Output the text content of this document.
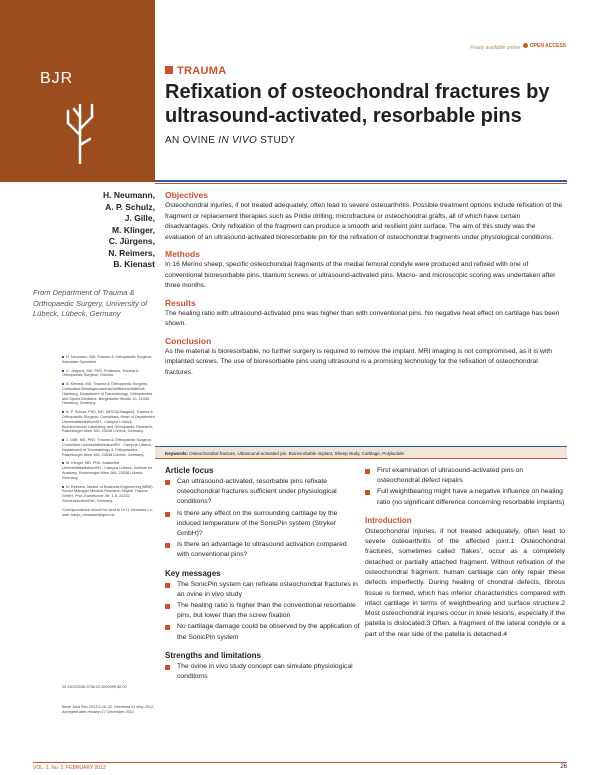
Freely available online	OPEN ACCESS
BJR	TRAUMA
Refixation of osteochondral fractures by ultrasound-activated, resorbable pins
AN OVINE IN VIVO STUDY
H. Neumann,
A. P. Schulz,
J. Gille,
M. Klinger,
C. Jürgens,
N. Reimers,
B. Kienast
From Department of Trauma & Orthopaedic Surgery, University of Lübeck, Lübeck, Germany
H. Neumann, MD, Trauma & Orthopaedic Surgeon, Associate Specialist
C. Jürgens, MD, PhD, Professor, Trauma & Orthopaedic Surgeon, Director
B. Kienast, MD, Trauma & Orthopaedic Surgeon, Consultant BerufsgenossenschaftlicheUnfallklinik Hamburg, Department of Traumatology, Orthopaedics and Sports Medicine, Bergedorfer Straße 10, 21033 Hamburg, Germany.
A. P. Schulz, PhD, MD, MRCS(Glasgow), Trauma & Orthopaedic Surgeon, Consultant, Head of Department UniversitätsklinikumSH - Campus Lübeck, Biomechanical Laboratory and Orthopaedic Research, Ratzeburger Allee 160, 23538 Lübeck, Germany.
J. Gille, MD, PhD, Trauma & Orthopaedic Surgeon, Consultant UniversitätsklinikumSH - Campus Lübeck, Department of Traumatology & Orthopaedics, Ratzeburger Allee 160, 23538 Lübeck, Germany.
M. Klinger, MD, PhD, Anatomist UniversitätsklinikumSH - Campus Lübeck, Institute for Anatomy, Ratzeburger Allee 160, 23538 Lübeck, Germany.
N. Reimers, Master of Business Engineering (MBE), Senior Manager Medical Research Stryker Trauma GmbH, Prof.-Kuentscher-Str. 1-5, 24232 Schoenkirchen/Kiel, Germany.
Correspondence should be sent to Dr H. Neumann; e-mail: hanjo_neumann@gmx.de
10.1302/2046-3758.22.2000099 $2.00
Bone Joint Res 2013;2:26–32. Received 31 May 2012; Accepted after revision 17 December 2012
Objectives
Osteochondral injuries, if not treated adequately, often lead to severe osteoarthritis. Possible treatment options include refixation of the fragment or replacement therapies such as Pridie drilling, microfracture or osteochondral grafts, all of which have certain disadvantages. Only refixation of the fragment can produce a smooth and resilient joint surface. The aim of this study was the evaluation of an ultrasound-activated bioresorbable pin for the refixation of osteochondral fragments under physiological conditions.
Methods
In 16 Merino sheep, specific osteochondral fragments of the medial femoral condyle were produced and refixed with one of conventional bioresorbable pins, titanium screws or ultrasound-activated pins. Macro- and microscopic scoring was undertaken after three months.
Results
The healing ratio with ultrasound-activated pins was higher than with conventional pins. No negative heat effect on cartilage has been shown.
Conclusion
As the material is bioresorbable, no further surgery is required to remove the implant. MRI imaging is not compromised, as it is with implanted screws. The use of bioresorbable pins using ultrasound is a promising technology for the refixation of osteochondral fractures.
Keywords: Osteochondral fracture, Ultrasound-activated pin, Bioresorbable implant, Sheep study, Cartilage, Polylactide
Article focus
Can ultrasound-activated, resorbable pins refixate osteochondral fractures sufficient under physiological conditions?
Is there any effect on the surrounding cartilage by the induced temperature of the SonicPin system (Stryker GmbH)?
Is there an advantage to ultrasound activation compared with conventional pins?
Key messages
The SonicPin system can refixate osteochondral fractures in an ovine in vivo study
The healing ratio is higher than the conventional resorbable pins, but lower than the screw fixation
No cartilage damage could be observed by the application of the SonicPin system
Strengths and limitations
The ovine in vivo study concept can simulate physiological conditions
First examination of ultrasound-activated pins on osteochondral defect repairs
Full weightbearing might have a negative influence on healing ratio (no significant difference concerning resorbable implants)
Introduction
Osteochondral injuries, if not treated adequately, often lead to severe osteoarthritis of the affected joint.1 Osteochondral fractures, sometimes called ‘flakes’, occur as a completely detached or partially attached fragment. Without refixation of the osteochondral fragment, human cartilage can only repair these defects imperfectly. During healing of chondral defects, fibrous tissue is formed, which has inferior characteristics compared with intact cartilage in terms of weightbearing and surface structure.2 Most osteochondral injuries occur in knee lesions, especially if the patella is dislocated.3 Often, a fragment of the lateral condyle or a part of the rear side of the patella is detached.4
VOL. 2, No. 2, FEBRUARY 2013	26
